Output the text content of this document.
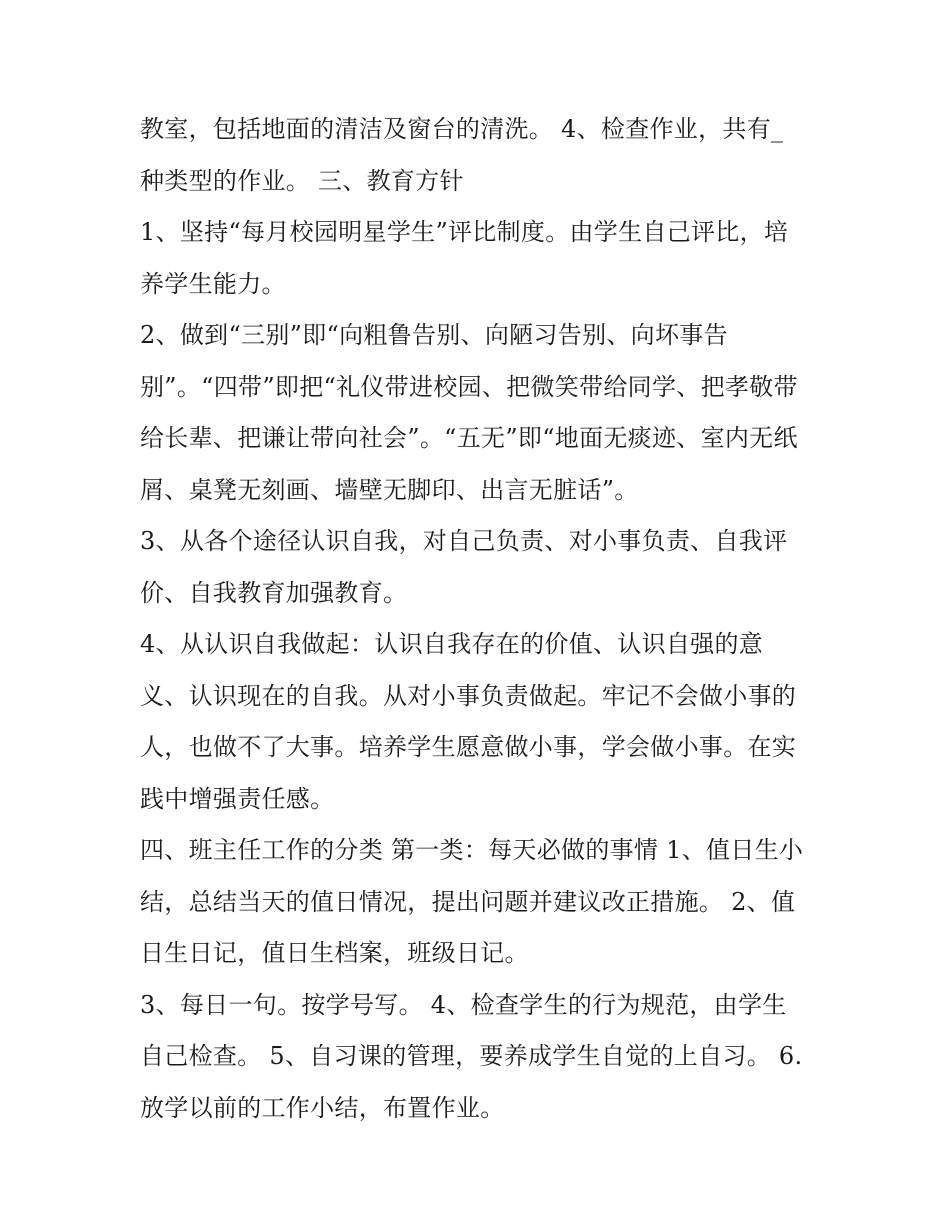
教室，包括地面的清洁及窗台的清洗。 4、检查作业，共有_
种类型的作业。 三、教育方针
1、坚持“每月校园明星学生”评比制度。由学生自己评比，培
养学生能力。
2、做到“三别”即“向粗鲁告别、向陋习告别、向坏事告
别”。“四带”即把“礼仪带进校园、把微笑带给同学、把孝敬带
给长辈、把谦让带向社会”。“五无”即“地面无痰迹、室内无纸
屑、桌凳无刻画、墙壁无脚印、出言无脏话”。
3、从各个途径认识自我，对自己负责、对小事负责、自我评
价、自我教育加强教育。
4、从认识自我做起：认识自我存在的价值、认识自强的意
义、认识现在的自我。从对小事负责做起。牢记不会做小事的
人，也做不了大事。培养学生愿意做小事，学会做小事。在实
践中增强责任感。
四、班主任工作的分类 第一类：每天必做的事情 1、值日生小
结，总结当天的值日情况，提出问题并建议改正措施。 2、值
日生日记，值日生档案，班级日记。
3、每日一句。按学号写。 4、检查学生的行为规范，由学生
自己检查。 5、自习课的管理，要养成学生自觉的上自习。 6.
放学以前的工作小结，布置作业。
